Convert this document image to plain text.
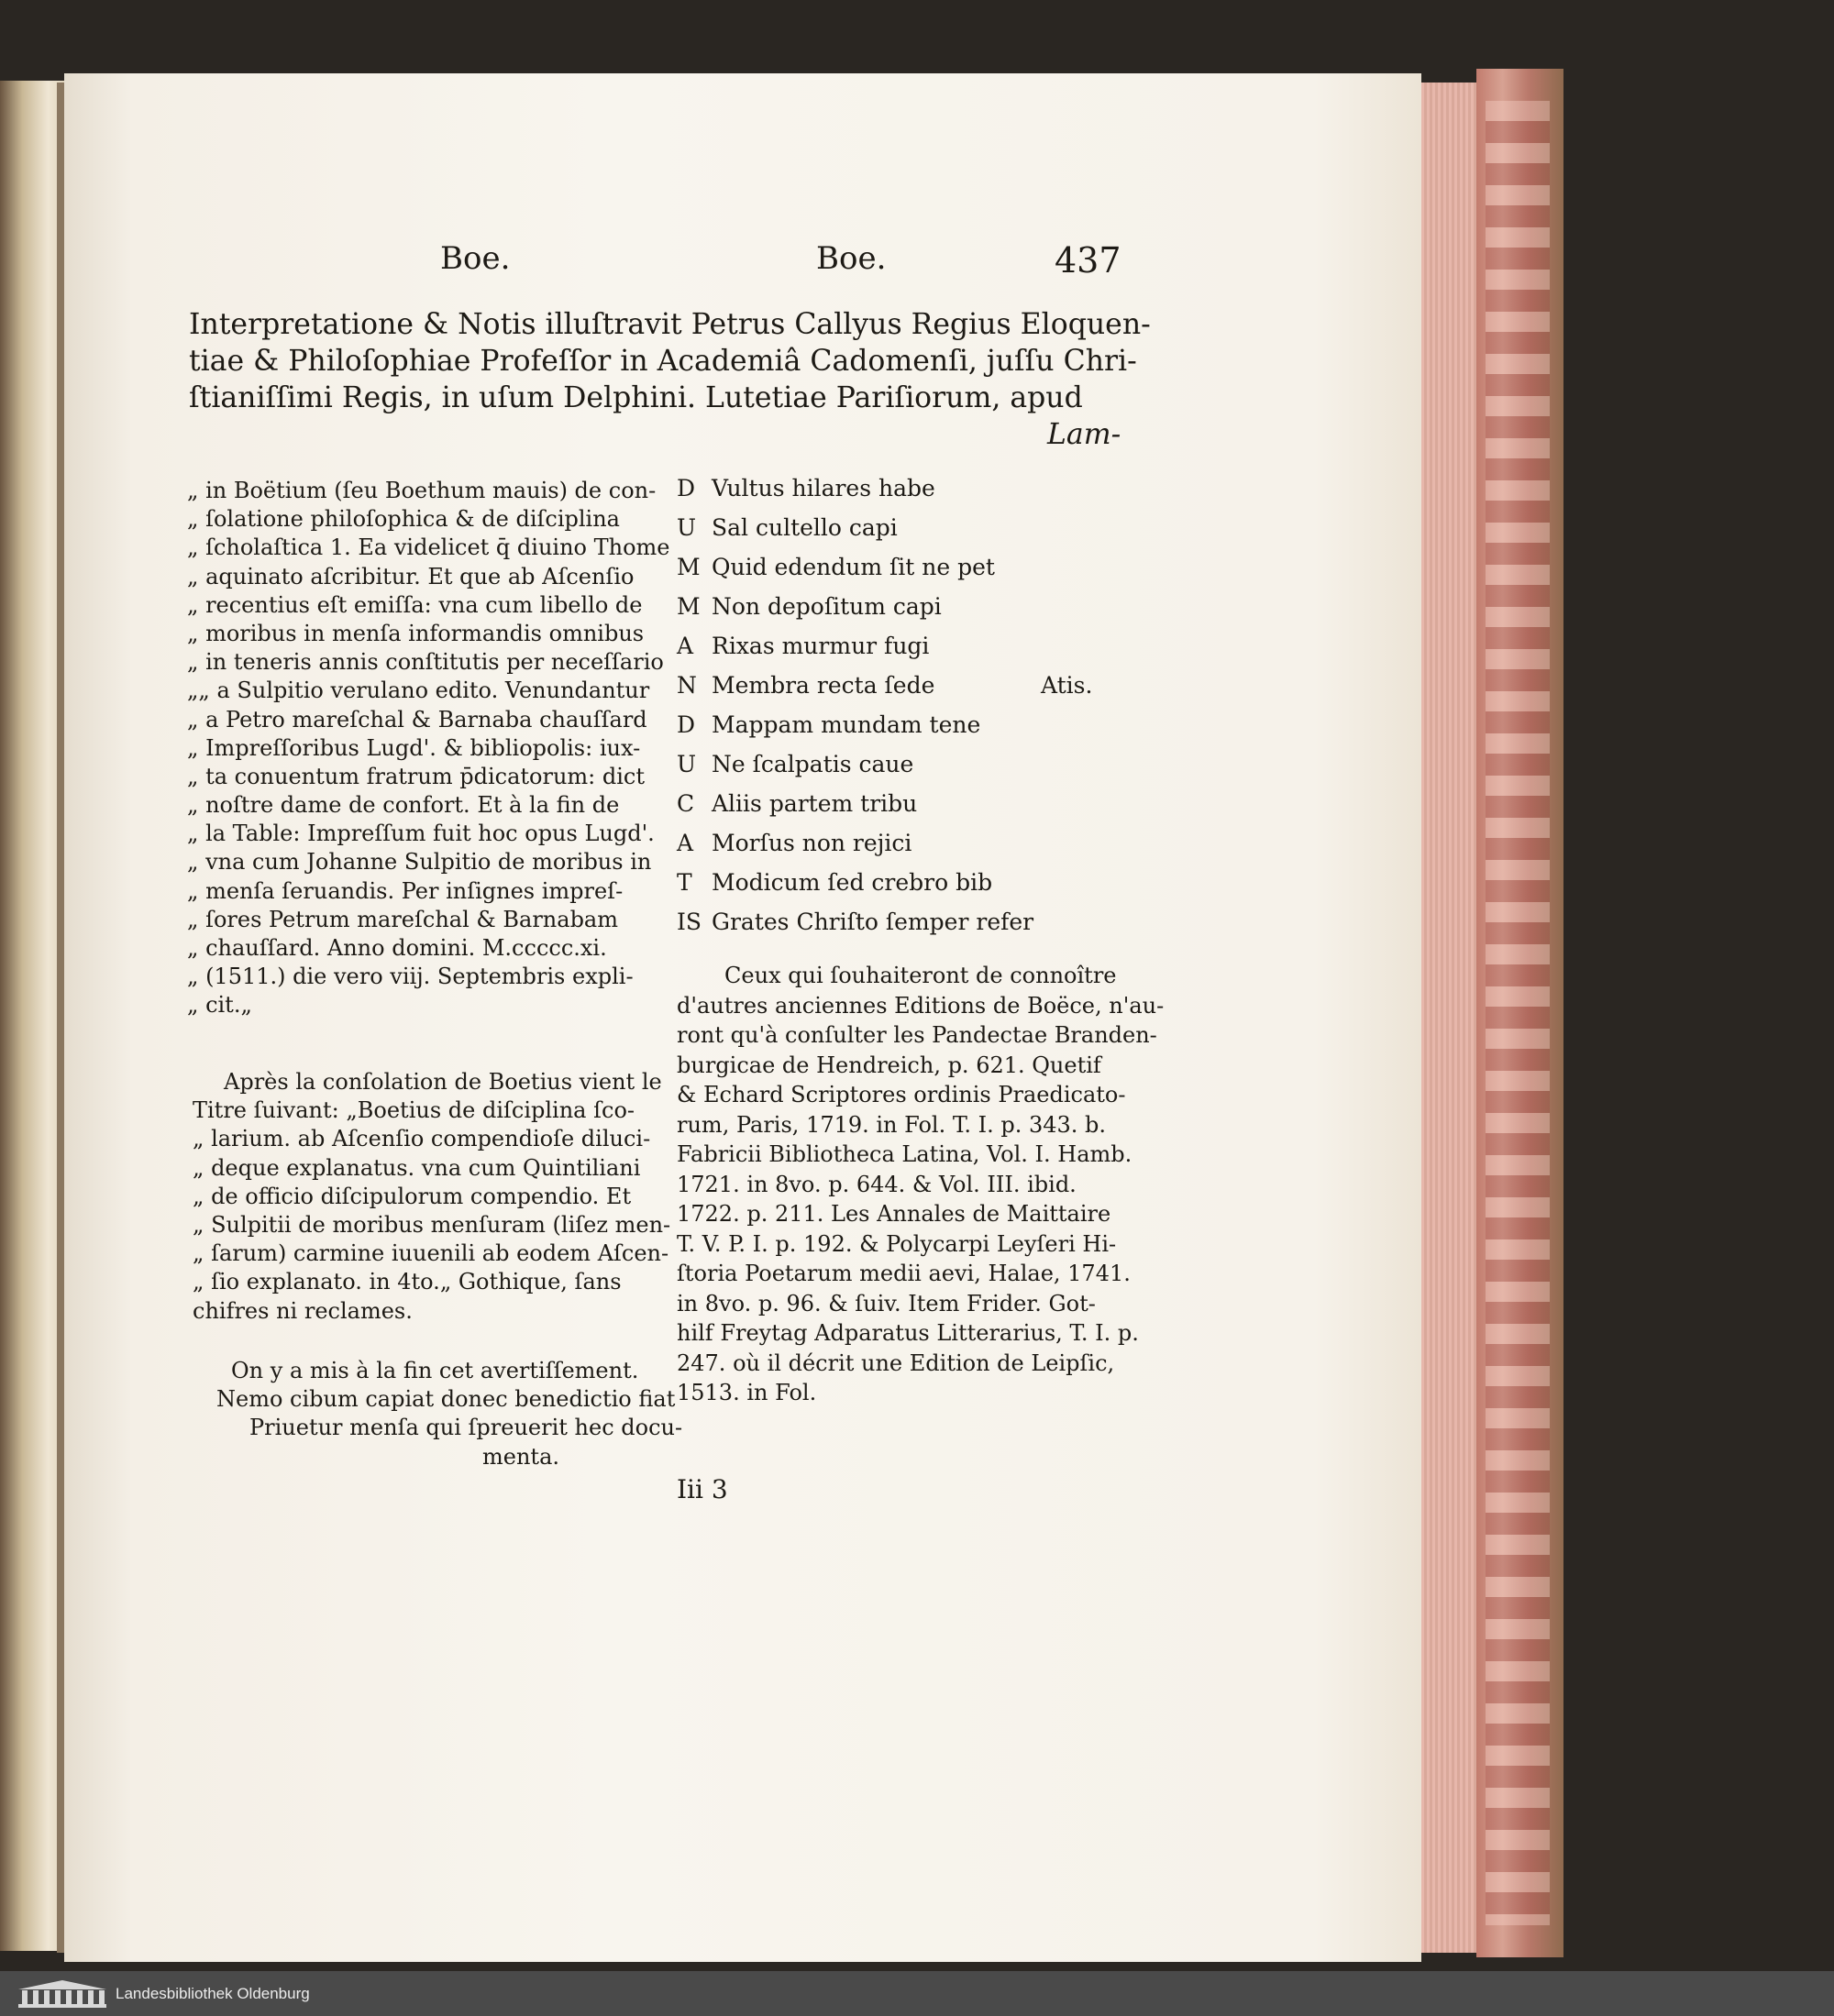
Boe.	Boe.	437
Interpretatione & Notis illuſtravit Petrus Callyus Regius Eloquen-
tiae & Philoſophiae Profeſſor in Academiâ Cadomenſi, juſſu Chri-
ſtianiſſimi Regis, in uſum Delphini. Lutetiae Pariſiorum, apud
Lam-
„ in Boëtium (ſeu Boethum mauis) de con-
„ ſolatione philoſophica & de diſciplina
„ ſcholaſtica 1. Ea videlicet q̄ diuino Thome
„ aquinato aſcribitur. Et que ab Aſcenſio
„ recentius eſt emiſſa: vna cum libello de
„ moribus in menſa informandis omnibus
„ in teneris annis conſtitutis per neceſſario
„„ a Sulpitio verulano edito. Venundantur
„ a Petro mareſchal & Barnaba chauſſard
„ Impreſſoribus Lugd'. & bibliopolis: iux-
„ ta conuentum fratrum p̄dicatorum: dict
„ noſtre dame de confort. Et à la fin de
„ la Table: Impreſſum fuit hoc opus Lugd'.
„ vna cum Johanne Sulpitio de moribus in
„ menſa ſeruandis. Per inſignes impreſ-
„ ſores Petrum mareſchal & Barnabam
„ chauſſard. Anno domini. M.ccccc.xi.
„ (1511.) die vero viij. Septembris expli-
„ cit.„
Après la conſolation de Boetius vient le
Titre ſuivant: „Boetius de diſciplina ſco-
„ larium. ab Aſcenſio compendioſe diluci-
„ deque explanatus. vna cum Quintiliani
„ de officio diſcipulorum compendio. Et
„ Sulpitii de moribus menſuram (liſez men-
„ ſarum) carmine iuuenili ab eodem Aſcen-
„ ſio explanato. in 4to.„ Gothique, ſans
chifres ni reclames.
On y a mis à la fin cet avertiſſement.
Nemo cibum capiat donec benedictio fiat
Priuetur menſa qui ſpreuerit hec docu-
menta.
D Vultus hilares habe
U Sal cultello capi
M Quid edendum ſit ne pet
M Non depoſitum capi
A Rixas murmur fugi
N Membra recta ſede
D Mappam mundam tene
U Ne ſcalpatis caue
C Aliis partem tribu
A Morſus non rejici
T Modicum ſed crebro bib
IS Grates Chriſto ſemper refer
Atis.
Ceux qui ſouhaiteront de connoître
d'autres anciennes Editions de Boëce, n'au-
ront qu'à conſulter les Pandectae Branden-
burgicae de Hendreich, p. 621. Quetif
& Echard Scriptores ordinis Praedicato-
rum, Paris, 1719. in Fol. T. I. p. 343. b.
Fabricii Bibliotheca Latina, Vol. I. Hamb.
1721. in 8vo. p. 644. & Vol. III. ibid.
1722. p. 211. Les Annales de Maittaire
T. V. P. I. p. 192. & Polycarpi Leyſeri Hi-
ſtoria Poetarum medii aevi, Halae, 1741.
in 8vo. p. 96. & ſuiv. Item Frider. Got-
hilf Freytag Adparatus Litterarius, T. I. p.
247. où il décrit une Edition de Leipſic,
1513. in Fol.
Iii 3
Landesbibliothek Oldenburg
